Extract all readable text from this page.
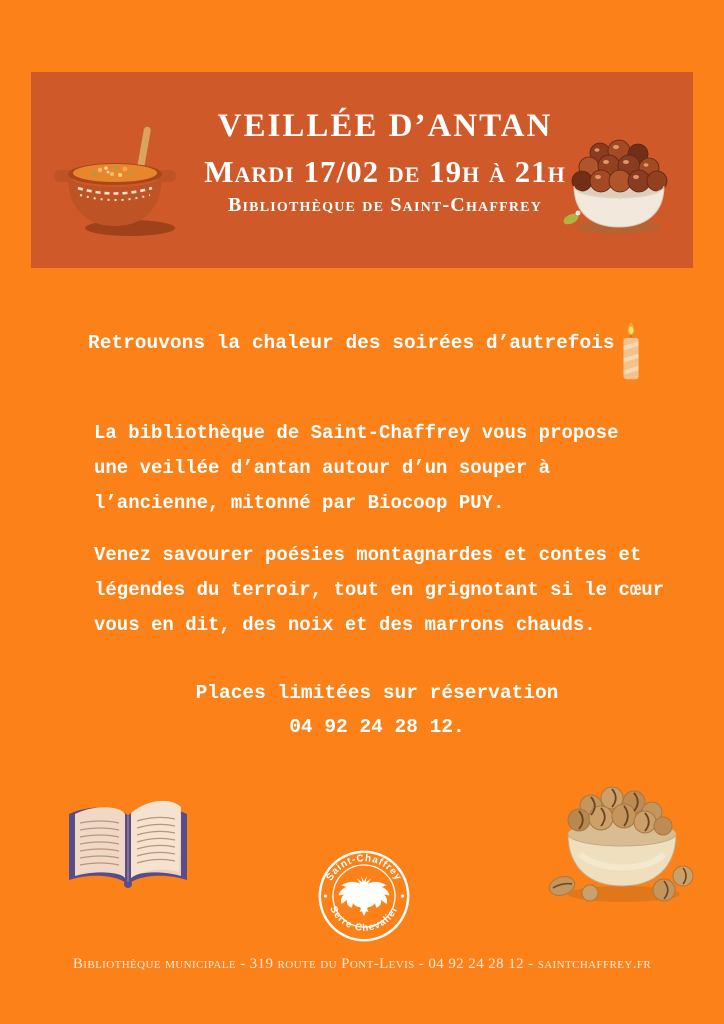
VEILLÉE D’ANTAN
Mardi 17/02 de 19h à 21h
Bibliothèque de Saint-Chaffrey
Retrouvons la chaleur des soirées d’autrefois
La bibliothèque de Saint-Chaffrey vous propose
une veillée d’antan autour d’un souper à
l’ancienne, mitonné par Biocoop PUY.
Venez savourer poésies montagnardes et contes et
légendes du terroir, tout en grignotant si le cœur
vous en dit, des noix et des marrons chauds.
Places limitées sur réservation
04 92 24 28 12.
Saint-Chaffrey
Serre Chevalier
Bibliothèque municipale - 319 route du Pont-Levis - 04 92 24 28 12 - saintchaffrey.fr
